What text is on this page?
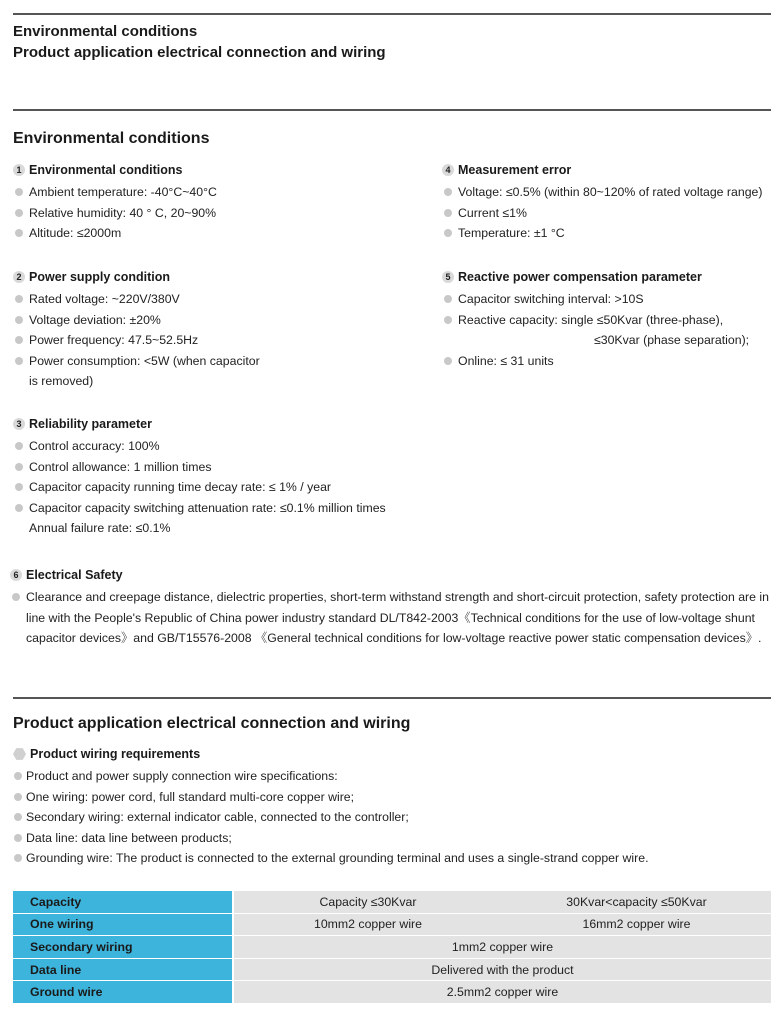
Environmental conditions
Product application electrical connection and wiring
Environmental conditions
1 Environmental conditions
Ambient temperature: -40°C~40°C
Relative humidity: 40 ° C, 20~90%
Altitude: ≤2000m
2 Power supply condition
Rated voltage: ~220V/380V
Voltage deviation: ±20%
Power frequency: 47.5~52.5Hz
Power consumption: <5W (when capacitor
is removed)
3 Reliability parameter
Control accuracy: 100%
Control allowance: 1 million times
Capacitor capacity running time decay rate: ≤ 1% / year
Capacitor capacity switching attenuation rate: ≤0.1% million times
Annual failure rate: ≤0.1%
4 Measurement error
Voltage: ≤0.5% (within 80~120% of rated voltage range)
Current ≤1%
Temperature: ±1 °C
5 Reactive power compensation parameter
Capacitor switching interval: >10S
Reactive capacity: single ≤50Kvar (three-phase),
≤30Kvar (phase separation);
Online: ≤ 31 units
6 Electrical Safety
Clearance and creepage distance, dielectric properties, short-term withstand strength and short-circuit protection, safety protection are in line with the People's Republic of China power industry standard DL/T842-2003《Technical conditions for the use of low-voltage shunt capacitor devices》and GB/T15576-2008 《General technical conditions for low-voltage reactive power static compensation devices》.
Product application electrical connection and wiring
Product wiring requirements
Product and power supply connection wire specifications:
One wiring: power cord, full standard multi-core copper wire;
Secondary wiring: external indicator cable, connected to the controller;
Data line: data line between products;
Grounding wire: The product is connected to the external grounding terminal and uses a single-strand copper wire.
Capacity	Capacity ≤30Kvar	30Kvar<capacity ≤50Kvar
One wiring	10mm2 copper wire	16mm2 copper wire
Secondary wiring	1mm2 copper wire	
Data line	Delivered with the product	
Ground wire	2.5mm2 copper wire	
